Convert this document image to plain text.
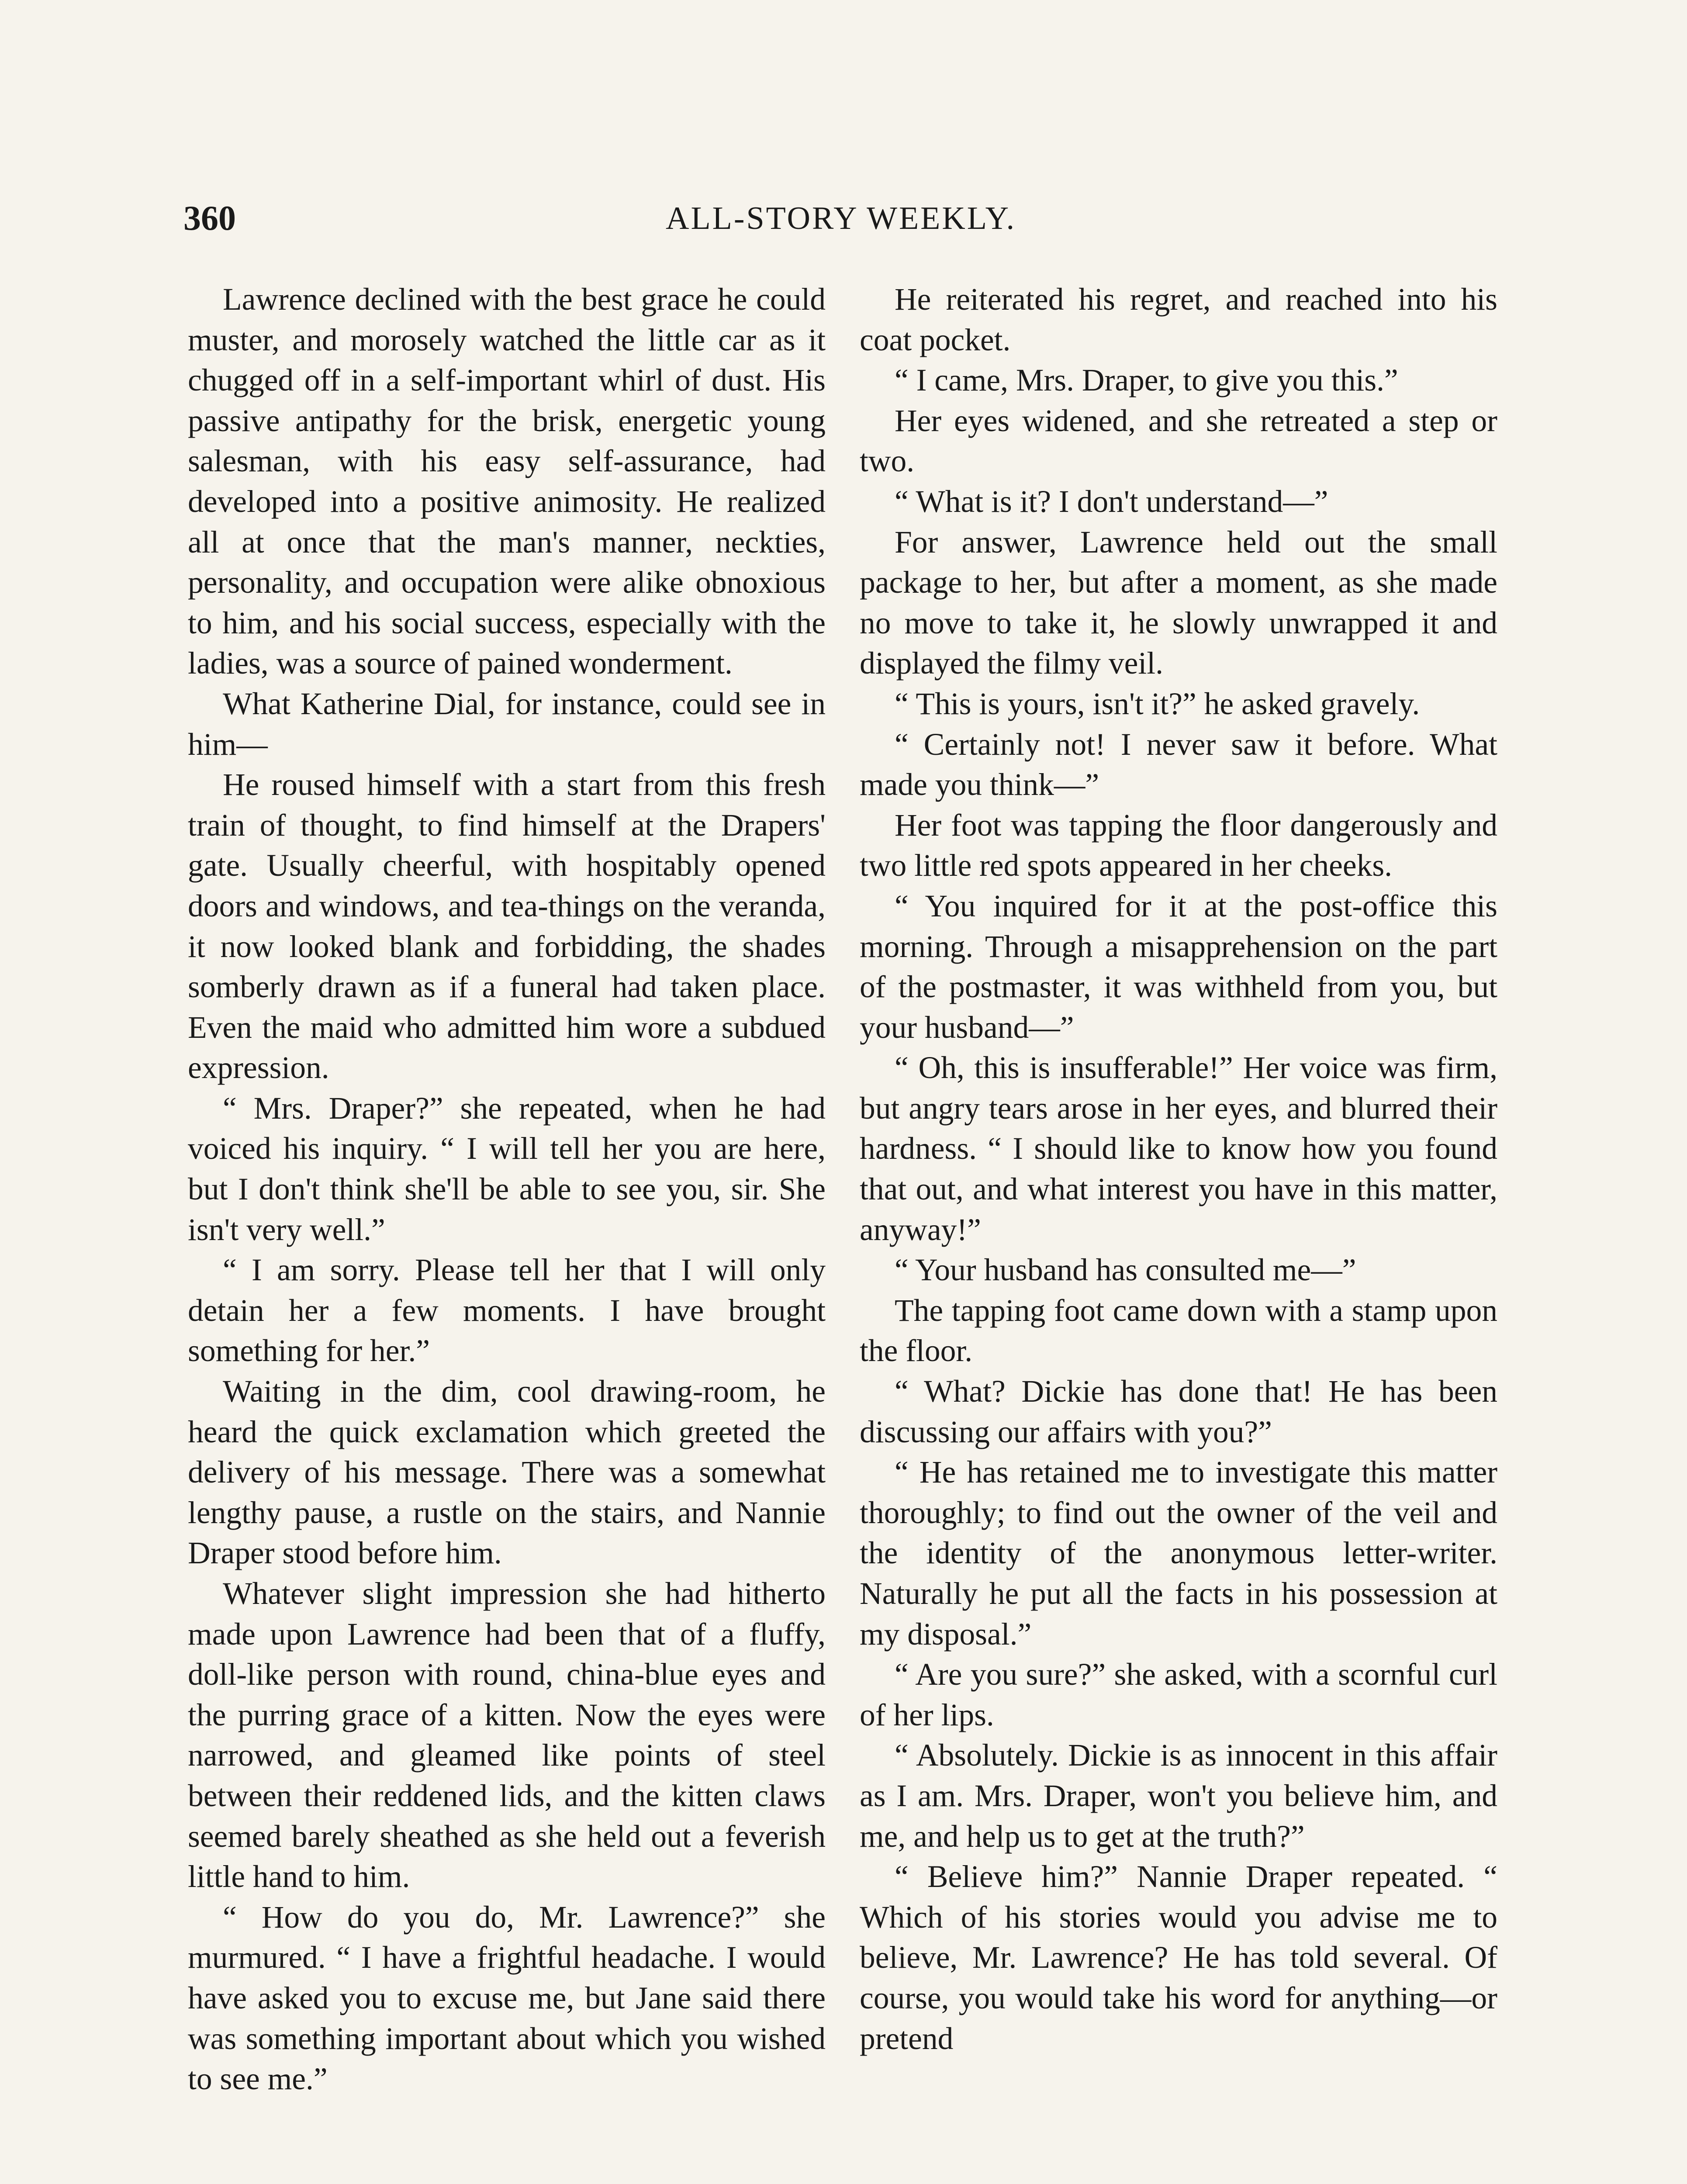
360	ALL-STORY WEEKLY.

Lawrence declined with the best grace he could muster, and morosely watched the little car as it chugged off in a self-important whirl of dust. His passive antipathy for the brisk, energetic young salesman, with his easy self-assurance, had developed into a positive animosity. He realized all at once that the man's manner, neckties, personality, and occupation were alike obnoxious to him, and his social success, especially with the ladies, was a source of pained wonderment.

What Katherine Dial, for instance, could see in him—

He roused himself with a start from this fresh train of thought, to find himself at the Drapers' gate. Usually cheerful, with hospitably opened doors and windows, and tea-things on the veranda, it now looked blank and forbidding, the shades somberly drawn as if a funeral had taken place. Even the maid who admitted him wore a subdued expression.

“ Mrs. Draper?” she repeated, when he had voiced his inquiry. “ I will tell her you are here, but I don't think she'll be able to see you, sir. She isn't very well.”

“ I am sorry. Please tell her that I will only detain her a few moments. I have brought something for her.”

Waiting in the dim, cool drawing-room, he heard the quick exclamation which greeted the delivery of his message. There was a somewhat lengthy pause, a rustle on the stairs, and Nannie Draper stood before him.

Whatever slight impression she had hitherto made upon Lawrence had been that of a fluffy, doll-like person with round, china-blue eyes and the purring grace of a kitten. Now the eyes were narrowed, and gleamed like points of steel between their reddened lids, and the kitten claws seemed barely sheathed as she held out a feverish little hand to him.

“ How do you do, Mr. Lawrence?” she murmured. “ I have a frightful headache. I would have asked you to excuse me, but Jane said there was something important about which you wished to see me.”

He reiterated his regret, and reached into his coat pocket.

“ I came, Mrs. Draper, to give you this.”

Her eyes widened, and she retreated a step or two.

“ What is it? I don't understand—”

For answer, Lawrence held out the small package to her, but after a moment, as she made no move to take it, he slowly unwrapped it and displayed the filmy veil.

“ This is yours, isn't it?” he asked gravely.

“ Certainly not! I never saw it before. What made you think—”

Her foot was tapping the floor dangerously and two little red spots appeared in her cheeks.

“ You inquired for it at the post-office this morning. Through a misapprehension on the part of the postmaster, it was withheld from you, but your husband—”

“ Oh, this is insufferable!” Her voice was firm, but angry tears arose in her eyes, and blurred their hardness. “ I should like to know how you found that out, and what interest you have in this matter, anyway!”

“ Your husband has consulted me—”

The tapping foot came down with a stamp upon the floor.

“ What? Dickie has done that! He has been discussing our affairs with you?”

“ He has retained me to investigate this matter thoroughly; to find out the owner of the veil and the identity of the anonymous letter-writer. Naturally he put all the facts in his possession at my disposal.”

“ Are you sure?” she asked, with a scornful curl of her lips.

“ Absolutely. Dickie is as innocent in this affair as I am. Mrs. Draper, won't you believe him, and me, and help us to get at the truth?”

“ Believe him?” Nannie Draper repeated. “ Which of his stories would you advise me to believe, Mr. Lawrence? He has told several. Of course, you would take his word for anything—or pretend
